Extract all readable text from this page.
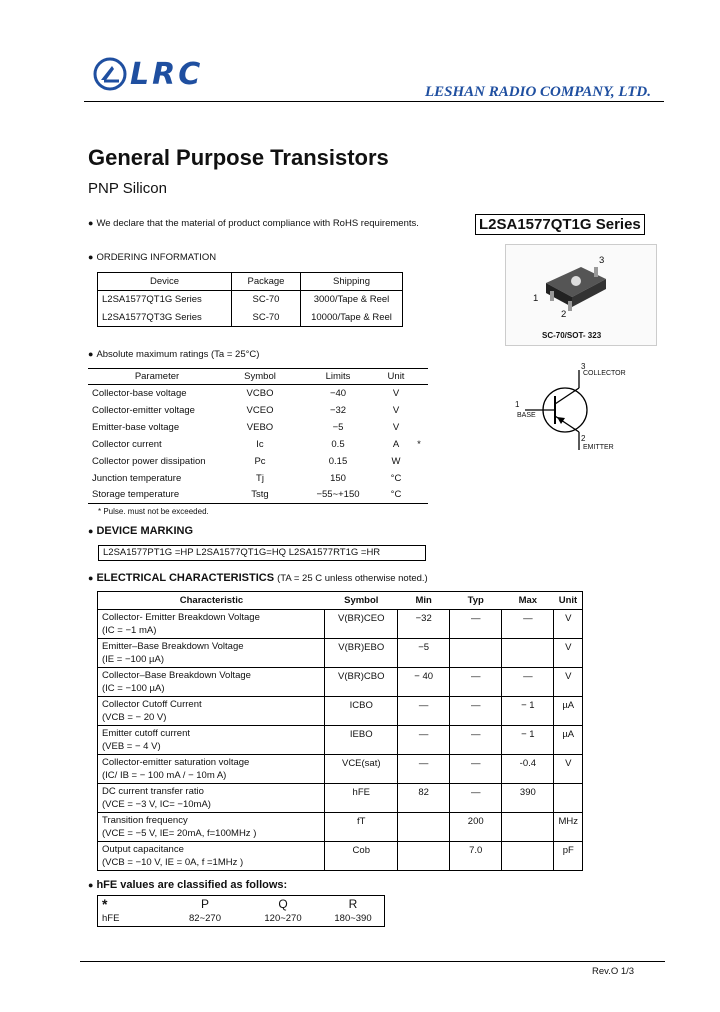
LRC	LESHAN RADIO COMPANY, LTD.
General Purpose Transistors
PNP Silicon
● We declare that the material of product compliance with RoHS requirements.	L2SA1577QT1G Series
● ORDERING INFORMATION
Device	Package	Shipping
L2SA1577QT1G Series	SC-70	3000/Tape & Reel
L2SA1577QT3G Series	SC-70	10000/Tape & Reel
3
1
2
SC-70/SOT- 323
3
COLLECTOR
1
BASE
2
EMITTER
● Absolute maximum ratings (Ta = 25°C)
Parameter	Symbol	Limits	Unit	
Collector-base voltage	VCBO	−40	V	
Collector-emitter voltage	VCEO	−32	V	
Emitter-base voltage	VEBO	−5	V	
Collector current	Ic	0.5	A	*
Collector power dissipation	Pc	0.15	W	
Junction temperature	Tj	150	°C	
Storage temperature	Tstg	−55~+150	°C	
* Pulse. must not be exceeded.
● DEVICE MARKING
L2SA1577PT1G =HP L2SA1577QT1G=HQ L2SA1577RT1G =HR
● ELECTRICAL CHARACTERISTICS (TA = 25 C unless otherwise noted.)
Characteristic	Symbol	Min	Typ	Max	Unit

Collector- Emitter Breakdown Voltage
(IC = −1 mA)	V(BR)CEO	−32	—	—	V

Emitter–Base Breakdown Voltage
(IE = −100 µA)	V(BR)EBO	−5			V

Collector–Base Breakdown Voltage
(IC = −100 µA)	V(BR)CBO	− 40	—	—	V

Collector Cutoff Current
(VCB = − 20 V)	ICBO	—	—	− 1	µA

Emitter cutoff current
(VEB = − 4 V)	IEBO	—	—	− 1	µA

Collector-emitter saturation voltage
(IC/ IB = − 100 mA / − 10m A)	VCE(sat)	—	—	-0.4	V

DC current transfer ratio
(VCE = −3 V, IC= −10mA)	hFE	82	—	390	

Transition frequency
(VCE = −5 V, IE= 20mA, f=100MHz )	fT		200		MHz

Output capacitance
(VCB = −10 V, IE = 0A, f =1MHz )	Cob		7.0		pF
● hFE values are classified as follows:
*	P	Q	R
hFE	82~270	120~270	180~390
Rev.O 1/3
